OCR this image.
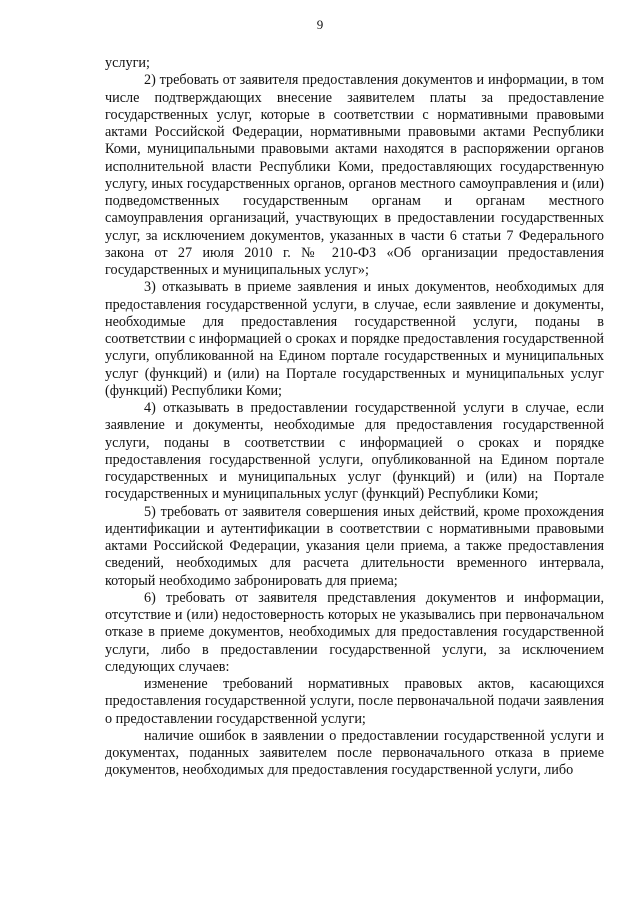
9

услуги;

2) требовать от заявителя предоставления документов и информации, в том числе подтверждающих внесение заявителем платы за предоставление государственных услуг, которые в соответствии с нормативными правовыми актами Российской Федерации, нормативными правовыми актами Республики Коми, муниципальными правовыми актами находятся в распоряжении органов исполнительной власти Республики Коми, предоставляющих государственную услугу, иных государственных органов, органов местного самоуправления и (или) подведомственных государственным органам и органам местного самоуправления организаций, участвующих в предоставлении государственных услуг, за исключением документов, указанных в части 6 статьи 7 Федерального закона от 27 июля 2010 г. № 210-ФЗ «Об организации предоставления государственных и муниципальных услуг»;

3) отказывать в приеме заявления и иных документов, необходимых для предоставления государственной услуги, в случае, если заявление и документы, необходимые для предоставления государственной услуги, поданы в соответствии с информацией о сроках и порядке предоставления государственной услуги, опубликованной на Едином портале государственных и муниципальных услуг (функций) и (или) на Портале государственных и муниципальных услуг (функций) Республики Коми;

4) отказывать в предоставлении государственной услуги в случае, если заявление и документы, необходимые для предоставления государственной услуги, поданы в соответствии с информацией о сроках и порядке предоставления государственной услуги, опубликованной на Едином портале государственных и муниципальных услуг (функций) и (или) на Портале государственных и муниципальных услуг (функций) Республики Коми;

5) требовать от заявителя совершения иных действий, кроме прохождения идентификации и аутентификации в соответствии с нормативными правовыми актами Российской Федерации, указания цели приема, а также предоставления сведений, необходимых для расчета длительности временного интервала, который необходимо забронировать для приема;

6) требовать от заявителя представления документов и информации, отсутствие и (или) недостоверность которых не указывались при первоначальном отказе в приеме документов, необходимых для предоставления государственной услуги, либо в предоставлении государственной услуги, за исключением следующих случаев:

изменение требований нормативных правовых актов, касающихся предоставления государственной услуги, после первоначальной подачи заявления о предоставлении государственной услуги;

наличие ошибок в заявлении о предоставлении государственной услуги и документах, поданных заявителем после первоначального отказа в приеме документов, необходимых для предоставления государственной услуги, либо
